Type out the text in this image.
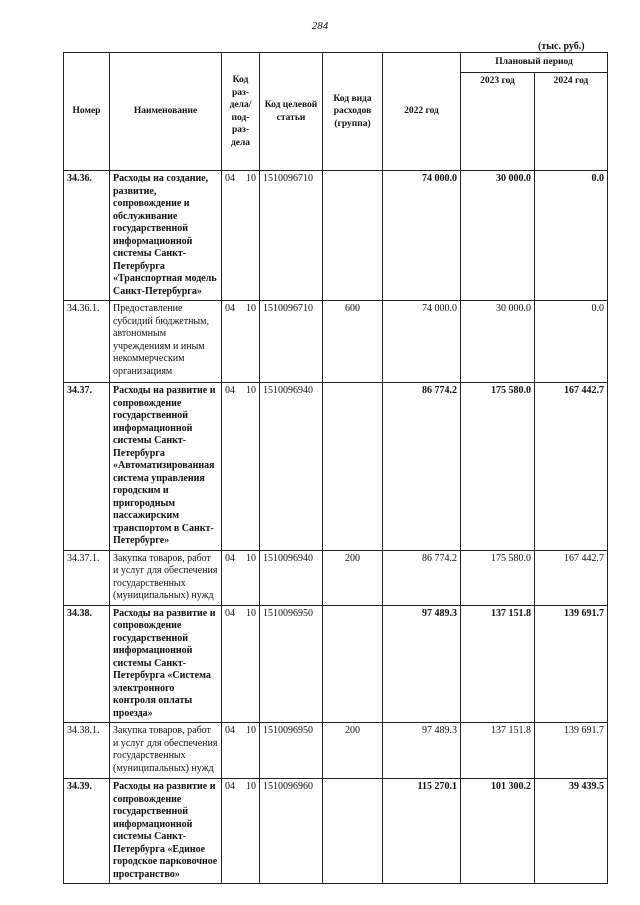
284
(тыс. руб.)
Номер	Наименование	Код раз-дела/ под-раз-дела	Код целевой статьи	Код вида расходов (группа)	2022 год	Плановый период	
						2023 год	2024 год
34.36.	Расходы на создание, развитие, сопровождение и обслуживание государственной информационной системы Санкт-Петербурга «Транспортная модель Санкт-Петербурга»	04 10	1510096710		74 000.0	30 000.0	0.0
34.36.1.	Предоставление субсидий бюджетным, автономным учреждениям и иным некоммерческим организациям	04 10	1510096710	600	74 000.0	30 000.0	0.0
34.37.	Расходы на развитие и сопровождение государственной информационной системы Санкт-Петербурга «Автоматизированная система управления городским и пригородным пассажирским транспортом в Санкт-Петербурге»	04 10	1510096940		86 774.2	175 580.0	167 442.7
34.37.1.	Закупка товаров, работ и услуг для обеспечения государственных (муниципальных) нужд	04 10	1510096940	200	86 774.2	175 580.0	167 442.7
34.38.	Расходы на развитие и сопровождение государственной информационной системы Санкт-Петербурга «Система электронного контроля оплаты проезда»	04 10	1510096950		97 489.3	137 151.8	139 691.7
34.38.1.	Закупка товаров, работ и услуг для обеспечения государственных (муниципальных) нужд	04 10	1510096950	200	97 489.3	137 151.8	139 691.7
34.39.	Расходы на развитие и сопровождение государственной информационной системы Санкт-Петербурга «Единое городское парковочное пространство»	04 10	1510096960		115 270.1	101 300.2	39 439.5
